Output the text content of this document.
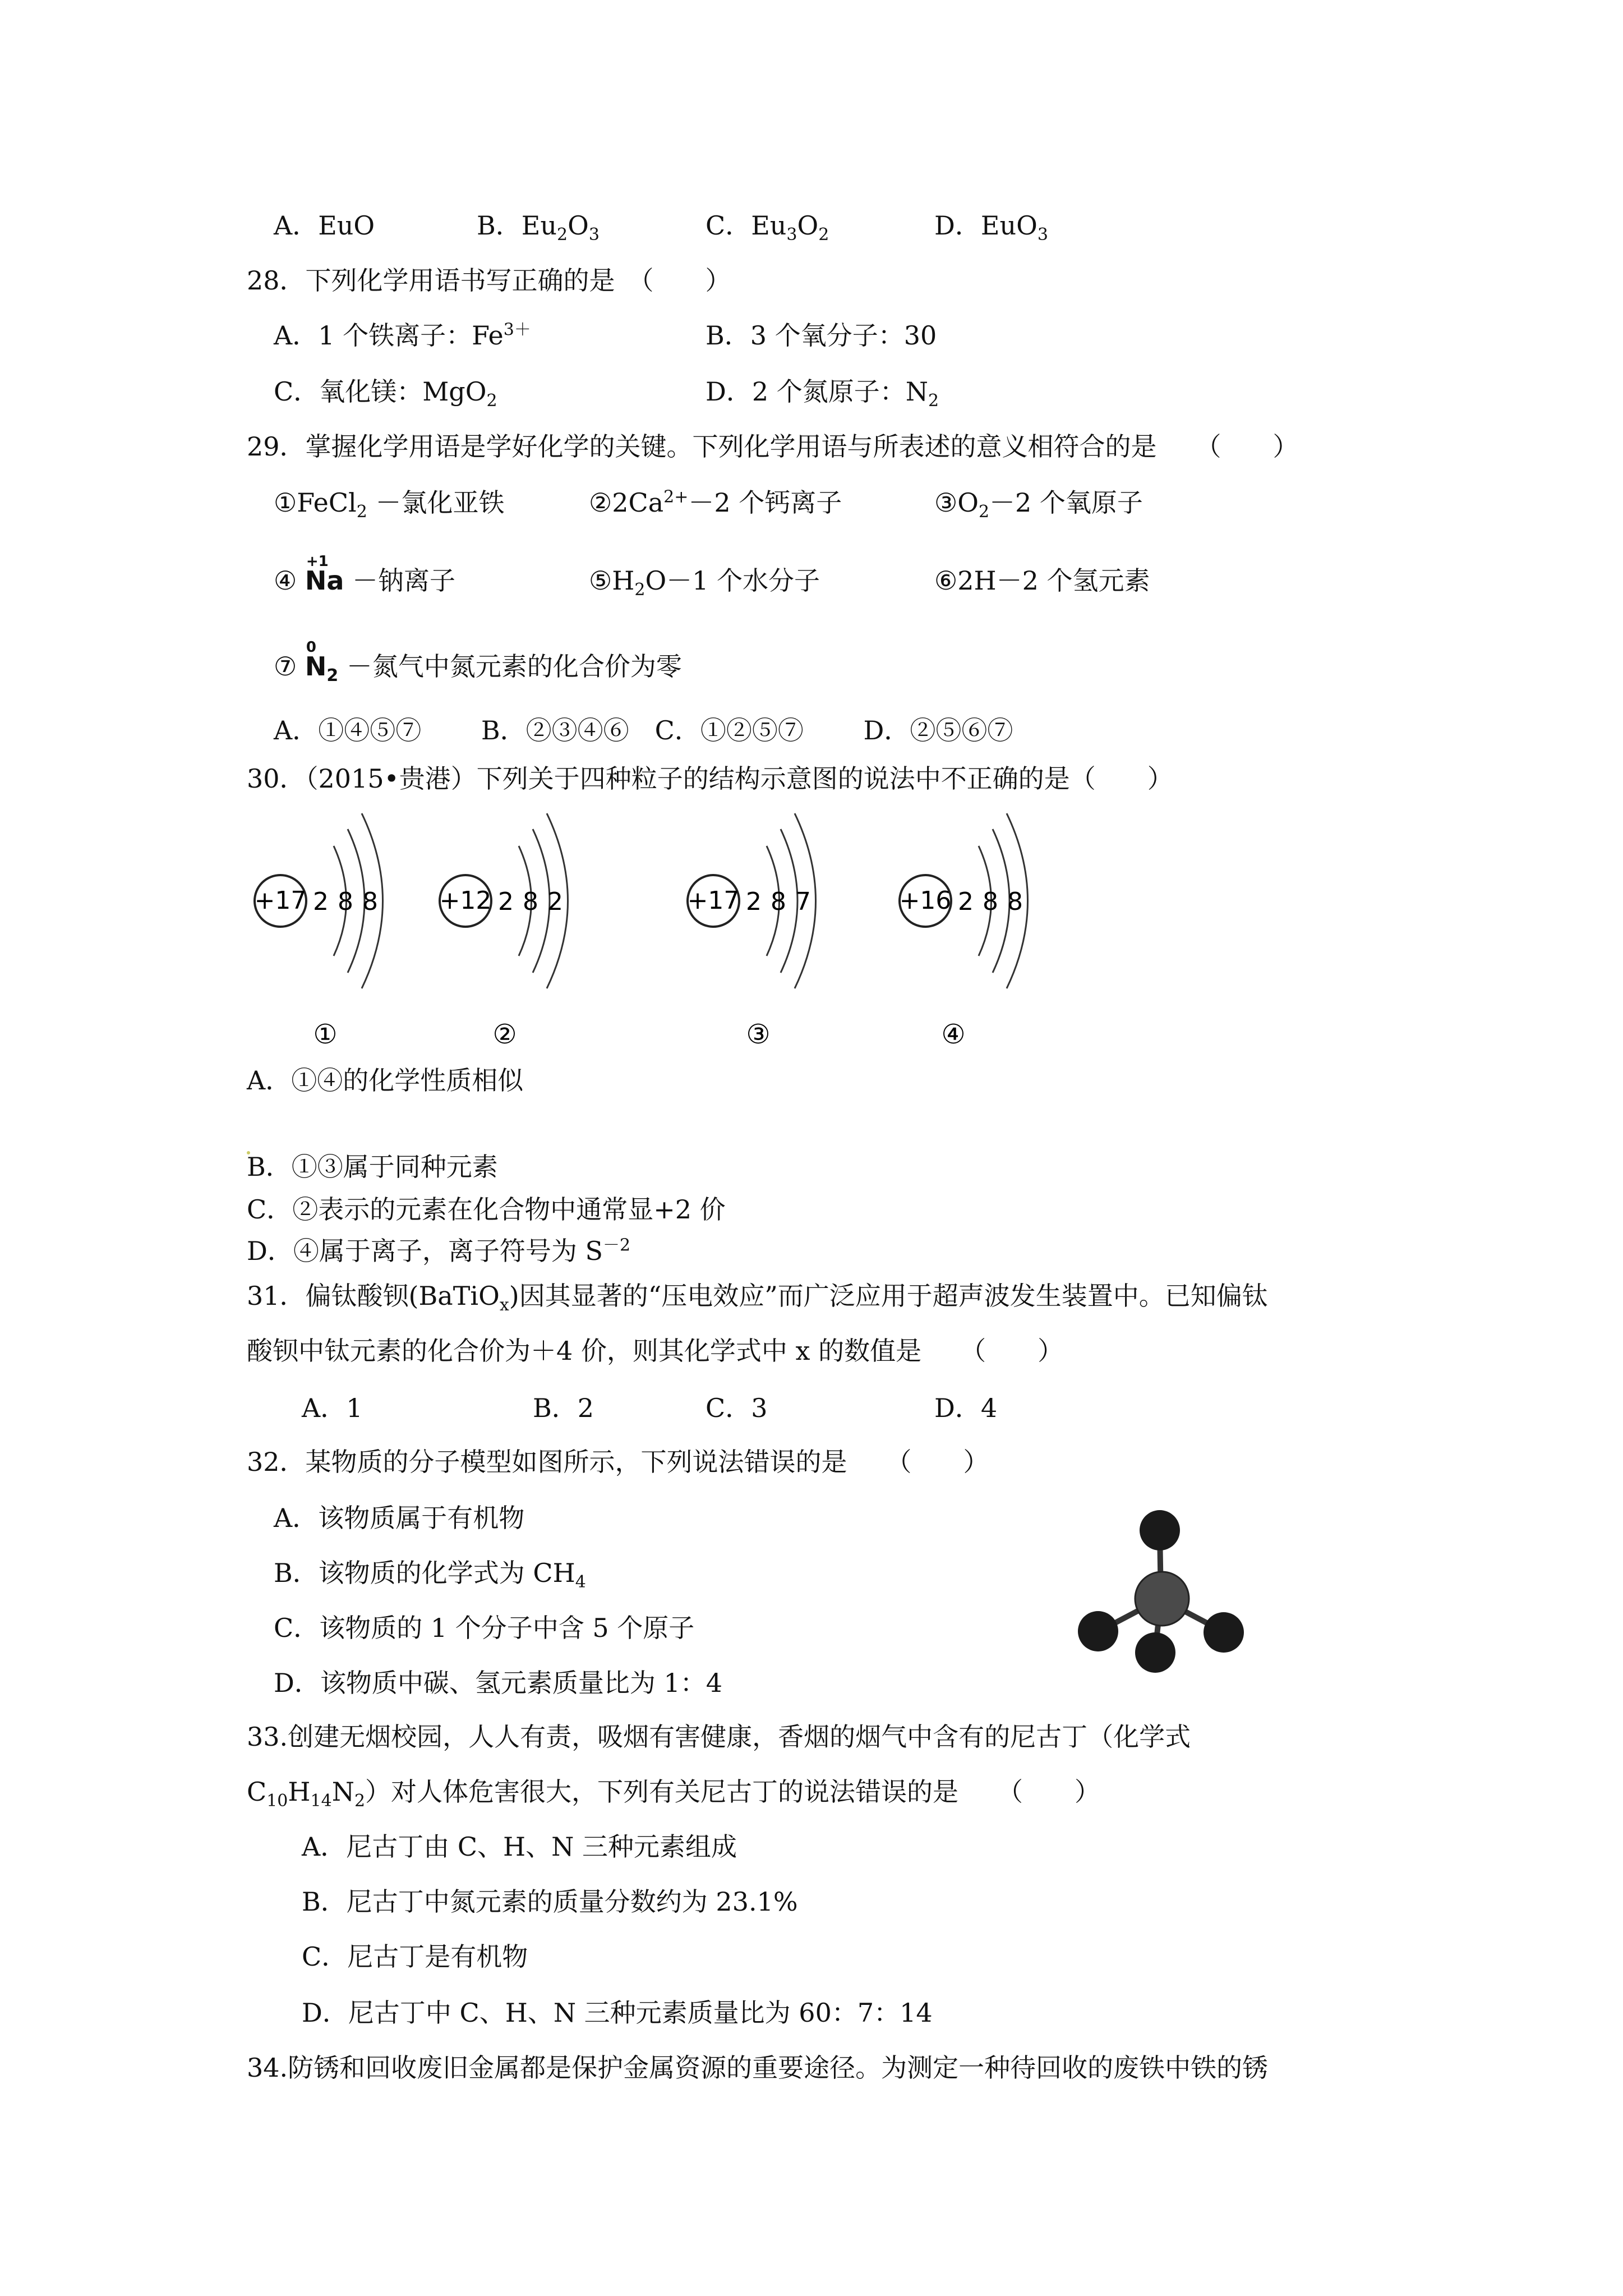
A．EuO	B．$Eu_2O_3$	C．$Eu_3O_2$	D．EuO$_3$
28．下列化学用语书写正确的是　（　　）
A．1 个铁离子：$Fe^{3+}$	B．3 个氧分子：30
C．氧化镁：MgO$_2$	D．2 个氮原子：$N_2$
29．掌握化学用语是学好化学的关键。下列化学用语与所表述的意义相符合的是　　（　　）
①FeCl$_2$ －氯化亚铁	$②2Ca^{2+}-2$ 个钙离子	$③O_2-2$ 个氧原子
④
+1
Na －钠离子	$⑤H_2O-1$ 个水分子	⑥2H－2 个氢元素
⑦
0
$N_2$ －氮气中氮元素的化合价为零
A．①④⑤⑦　　 B．②③④⑥　C．①②⑤⑦　　 D．②⑤⑥⑦
30．（2015•贵港）下列关于四种粒子的结构示意图的说法中不正确的是（　　）
+17 2 8 8
①
+12 2 8 2
②
+17 2 8 7
③
+16 2 8 8
④
A．①④的化学性质相似
B．①③属于同种元素
C．②表示的元素在化合物中通常显+2 价
D．④属于离子，离子符号为 $S^{-2}$
31．偏钛酸钡(BaTiO$_x$)因其显著的“压电效应”而广泛应用于超声波发生装置中。已知偏钛
酸钡中钛元素的化合价为＋4 价，则其化学式中 x 的数值是　　（　　）
A．1	B．2	C．3	D．4
32．某物质的分子模型如图所示，下列说法错误的是　　（　　）
A．该物质属于有机物
B．该物质的化学式为 $CH_4$
C．该物质的 1 个分子中含 5 个原子
D．该物质中碳、氢元素质量比为 1：4
33.创建无烟校园，人人有责，吸烟有害健康，香烟的烟气中含有的尼古丁（化学式
$C_{10}H_{14}N_2$）对人体危害很大，下列有关尼古丁的说法错误的是　　（　　）
A．尼古丁由 C、H、N 三种元素组成
B．尼古丁中氮元素的质量分数约为 23.1%
C．尼古丁是有机物
D．尼古丁中 C、H、N 三种元素质量比为 60：7：14
34.防锈和回收废旧金属都是保护金属资源的重要途径。为测定一种待回收的废铁中铁的锈
